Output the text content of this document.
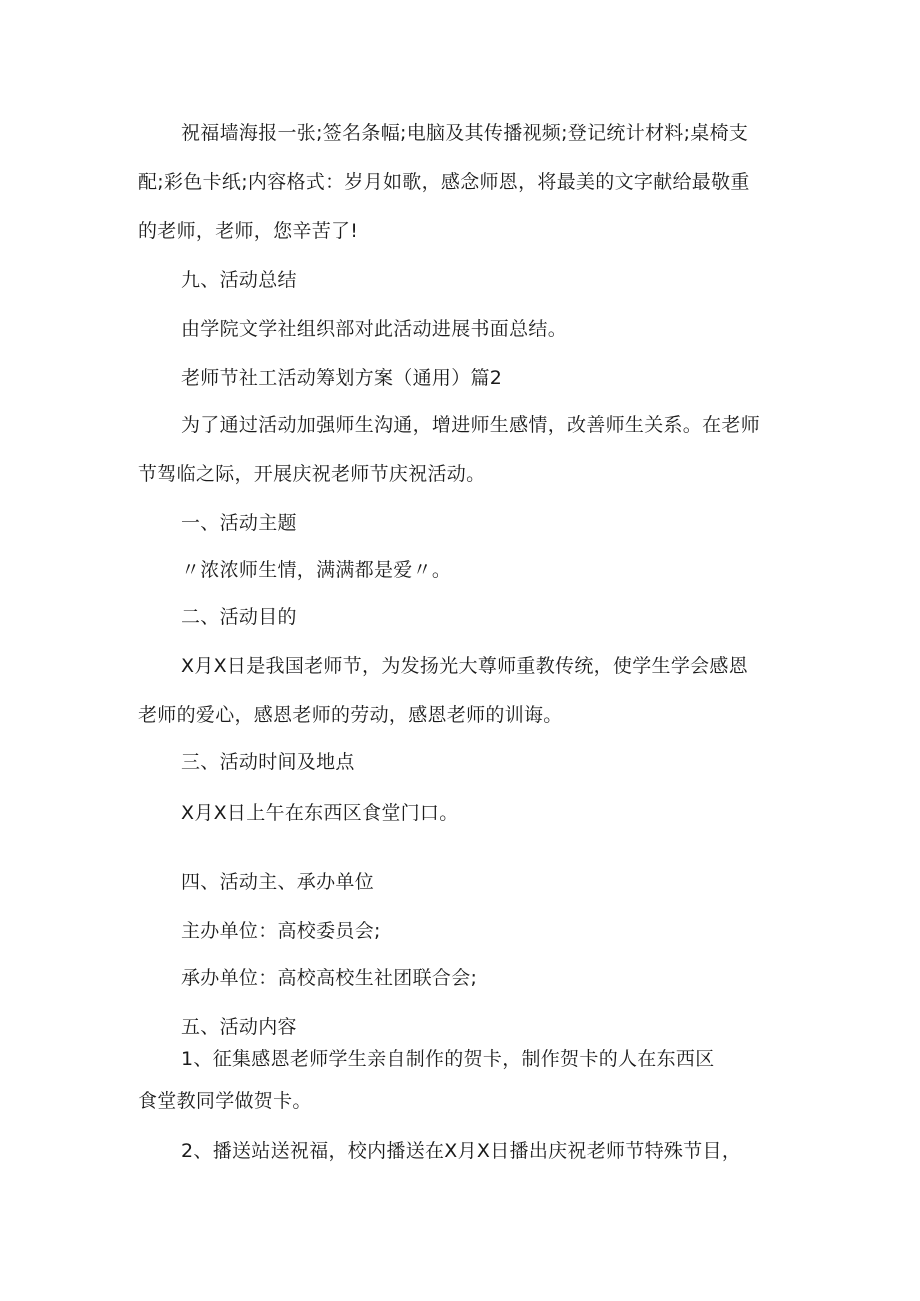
祝福墙海报一张;签名条幅;电脑及其传播视频;登记统计材料;桌椅支
配;彩色卡纸;内容格式：岁月如歌，感念师恩，将最美的文字献给最敬重
的老师，老师，您辛苦了!
九、活动总结
由学院文学社组织部对此活动进展书面总结。
老师节社工活动筹划方案（通用）篇2
为了通过活动加强师生沟通，增进师生感情，改善师生关系。在老师
节驾临之际，开展庆祝老师节庆祝活动。
一、活动主题
〃浓浓师生情，满满都是爱〃。
二、活动目的
X月X日是我国老师节，为发扬光大尊师重教传统，使学生学会感恩
老师的爱心，感恩老师的劳动，感恩老师的训诲。
三、活动时间及地点
X月X日上午在东西区食堂门口。
四、活动主、承办单位
主办单位：高校委员会;
承办单位：高校高校生社团联合会;
五、活动内容
1、征集感恩老师学生亲自制作的贺卡，制作贺卡的人在东西区
食堂教同学做贺卡。
2、播送站送祝福，校内播送在X月X日播出庆祝老师节特殊节目，
